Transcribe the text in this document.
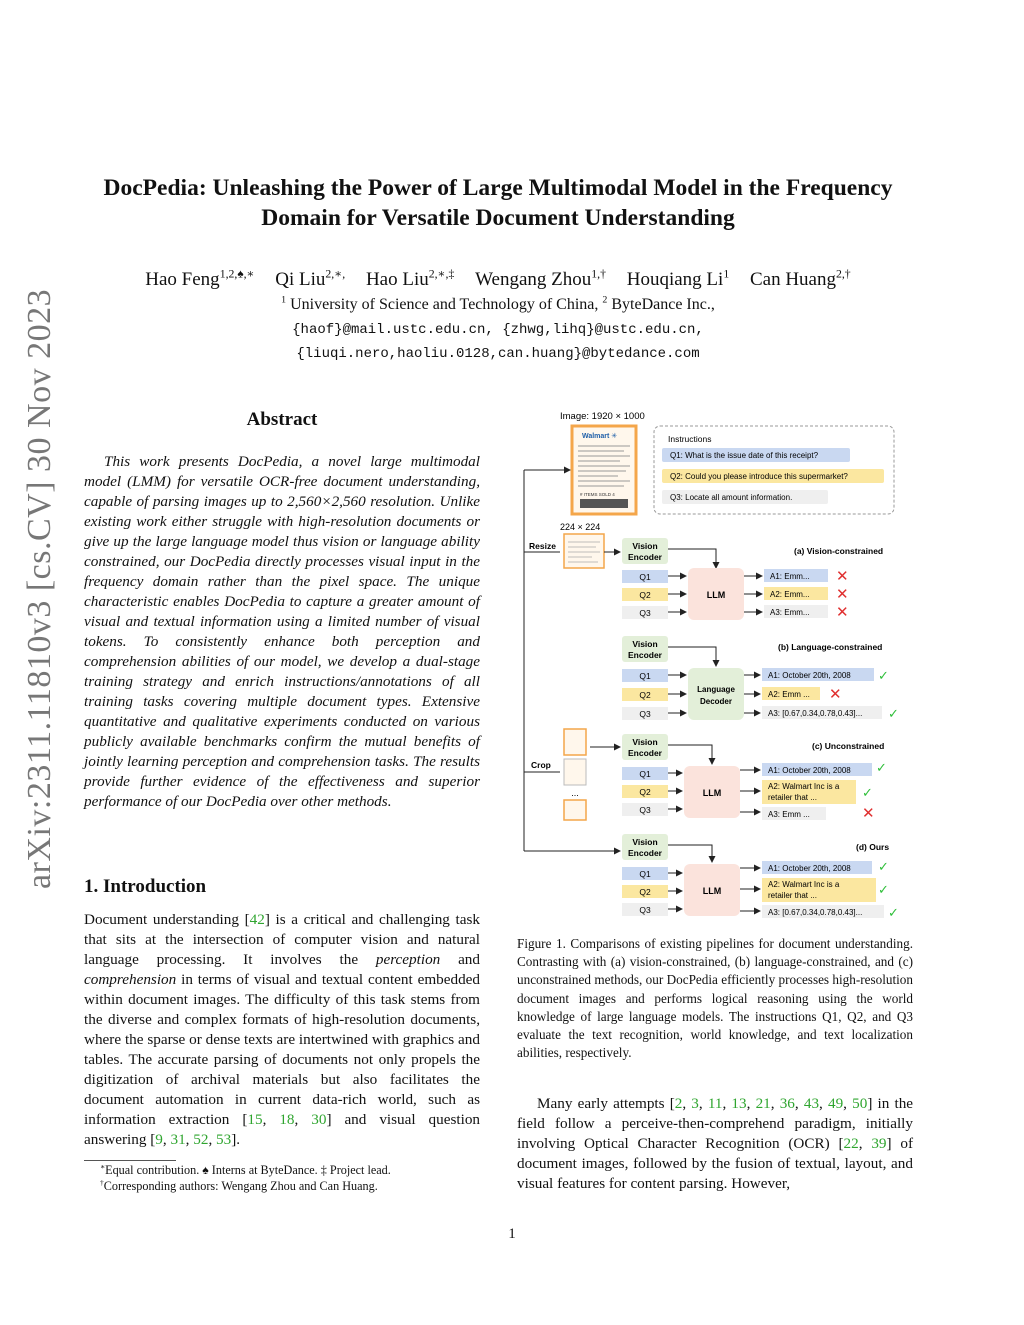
arXiv:2311.11810v3 [cs.CV] 30 Nov 2023
DocPedia: Unleashing the Power of Large Multimodal Model in the Frequency
Domain for Versatile Document Understanding
Hao Feng$^{1,2,♠,∗}$ Qi Liu$^{2,∗,}$ Hao Liu$^{2,∗,\ddagger}$ Wengang Zhou$^{1,\dagger}$ Houqiang Li$^1$ Can Huang$^{2,\dagger}$
$^1$ University of Science and Technology of China, $^2$ ByteDance Inc.,
{haof}@mail.ustc.edu.cn, {zhwg,lihq}@ustc.edu.cn,
{liuqi.nero,haoliu.0128,can.huang}@bytedance.com
Abstract
This work presents DocPedia, a novel large multimodal model (LMM) for versatile OCR-free document understanding, capable of parsing images up to 2,560×2,560 resolution. Unlike existing work either struggle with high-resolution documents or give up the large language model thus vision or language ability constrained, our DocPedia directly processes visual input in the frequency domain rather than the pixel space. The unique characteristic enables DocPedia to capture a greater amount of visual and textual information using a limited number of visual tokens. To consistently enhance both perception and comprehension abilities of our model, we develop a dual-stage training strategy and enrich instructions/annotations of all training tasks covering multiple document types. Extensive quantitative and qualitative experiments conducted on various publicly available benchmarks confirm the mutual benefits of jointly learning perception and comprehension tasks. The results provide further evidence of the effectiveness and superior performance of our DocPedia over other methods.
1. Introduction
Document understanding [42] is a critical and challenging task that sits at the intersection of computer vision and natural language processing. It involves the perception and comprehension in terms of visual and textual content embedded within document images. The difficulty of this task stems from the diverse and complex formats of high-resolution documents, where the sparse or dense texts are intertwined with graphics and tables. The accurate parsing of documents not only propels the digitization of archival materials but also facilitates the document automation in current data-rich world, such as information extraction [15, 18, 30] and visual question answering [9, 31, 52, 53].
∗Equal contribution. ♠ Interns at ByteDance. ‡ Project lead.
†Corresponding authors: Wengang Zhou and Can Huang.
Image: 1920 × 1000
Walmart ✳
# ITEMS SOLD 4
Instructions
Q1: What is the issue date of this receipt?
Q2: Could you please introduce this supermarket?
Q3: Locate all amount information.
224 × 224
Resize	Vision
Encoder
(a) Vision-constrained
Q1
Q2
Q3
LLM
A1: Emm...
A2: Emm...
A3: Emm...
✕
✕
✕
Vision
Encoder
(b) Language-constrained
Q1
Q2
Q3
Language
Decoder
A1: October 20th, 2008
A2: Emm ...
A3: [0.67,0.34,0.78,0.43]...
✓
✕
✓
...
Crop
Vision
Encoder
(c) Unconstrained
Q1
Q2
Q3
LLM
A1: October 20th, 2008
A2: Walmart Inc is a
retailer that ...
A3: Emm ...
✓
✓
✕
Vision
Encoder
(d) Ours
Q1
Q2
Q3
LLM
A1: October 20th, 2008
A2: Walmart Inc is a
retailer that ...
A3: [0.67,0.34,0.78,0.43]...
✓
✓
✓
Figure 1. Comparisons of existing pipelines for document understanding. Contrasting with (a) vision-constrained, (b) language-constrained, and (c) unconstrained methods, our DocPedia efficiently processes high-resolution document images and performs logical reasoning using the world knowledge of large language models. The instructions Q1, Q2, and Q3 evaluate the text recognition, world knowledge, and text localization abilities, respectively.
Many early attempts [2, 3, 11, 13, 21, 36, 43, 49, 50] in the field follow a perceive-then-comprehend paradigm, initially involving Optical Character Recognition (OCR) [22, 39] of document images, followed by the fusion of textual, layout, and visual features for content parsing. However,
1
